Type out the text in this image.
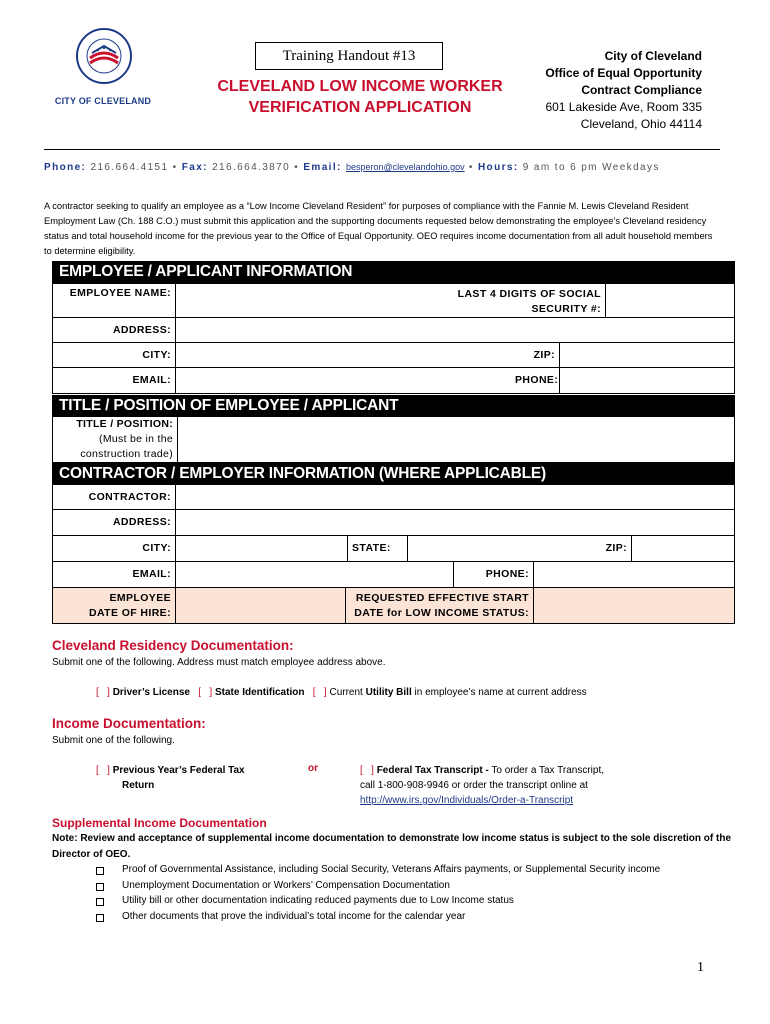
CITY OF CLEVELAND
Training Handout #13
CLEVELAND LOW INCOME WORKER
VERIFICATION APPLICATION
City of Cleveland
Office of Equal Opportunity
Contract Compliance
601 Lakeside Ave, Room 335
Cleveland, Ohio 44114
Phone: 216.664.4151 • Fax: 216.664.3870 • Email: besperon@clevelandohio.gov • Hours: 9 am to 6 pm Weekdays
A contractor seeking to qualify an employee as a “Low Income Cleveland Resident” for purposes of compliance with the Fannie M. Lewis Cleveland Resident Employment Law (Ch. 188 C.O.) must submit this application and the supporting documents requested below demonstrating the employee’s Cleveland residency status and total household income for the previous year to the Office of Equal Opportunity. OEO requires income documentation from all adult household members to determine eligibility.
EMPLOYEE / APPLICANT INFORMATION
EMPLOYEE NAME:	LAST 4 DIGITS OF SOCIAL
SECURITY #:
ADDRESS:
CITY:	ZIP:
EMAIL:	PHONE:
TITLE / POSITION OF EMPLOYEE / APPLICANT
TITLE / POSITION:
(Must be in the
construction trade)
CONTRACTOR / EMPLOYER INFORMATION (WHERE APPLICABLE)
CONTRACTOR:
ADDRESS:
CITY:	STATE:	ZIP:
EMAIL:	PHONE:
EMPLOYEE
DATE OF HIRE:
REQUESTED EFFECTIVE START
DATE for LOW INCOME STATUS:
Cleveland Residency Documentation:
Submit one of the following. Address must match employee address above.
[   ] Driver’s License [   ] State Identification [   ] Current Utility Bill in employee’s name at current address
Income Documentation:
Submit one of the following.
[   ] Previous Year’s Federal Tax
Return
or	[   ] Federal Tax Transcript - To order a Tax Transcript,
call 1-800-908-9946 or order the transcript online at
http://www.irs.gov/Individuals/Order-a-Transcript
Supplemental Income Documentation
Note: Review and acceptance of supplemental income documentation to demonstrate low income status is subject to the sole discretion of the Director of OEO.
Proof of Governmental Assistance, including Social Security, Veterans Affairs payments, or Supplemental Security income
Unemployment Documentation or Workers’ Compensation Documentation
Utility bill or other documentation indicating reduced payments due to Low Income status
Other documents that prove the individual’s total income for the calendar year
1
